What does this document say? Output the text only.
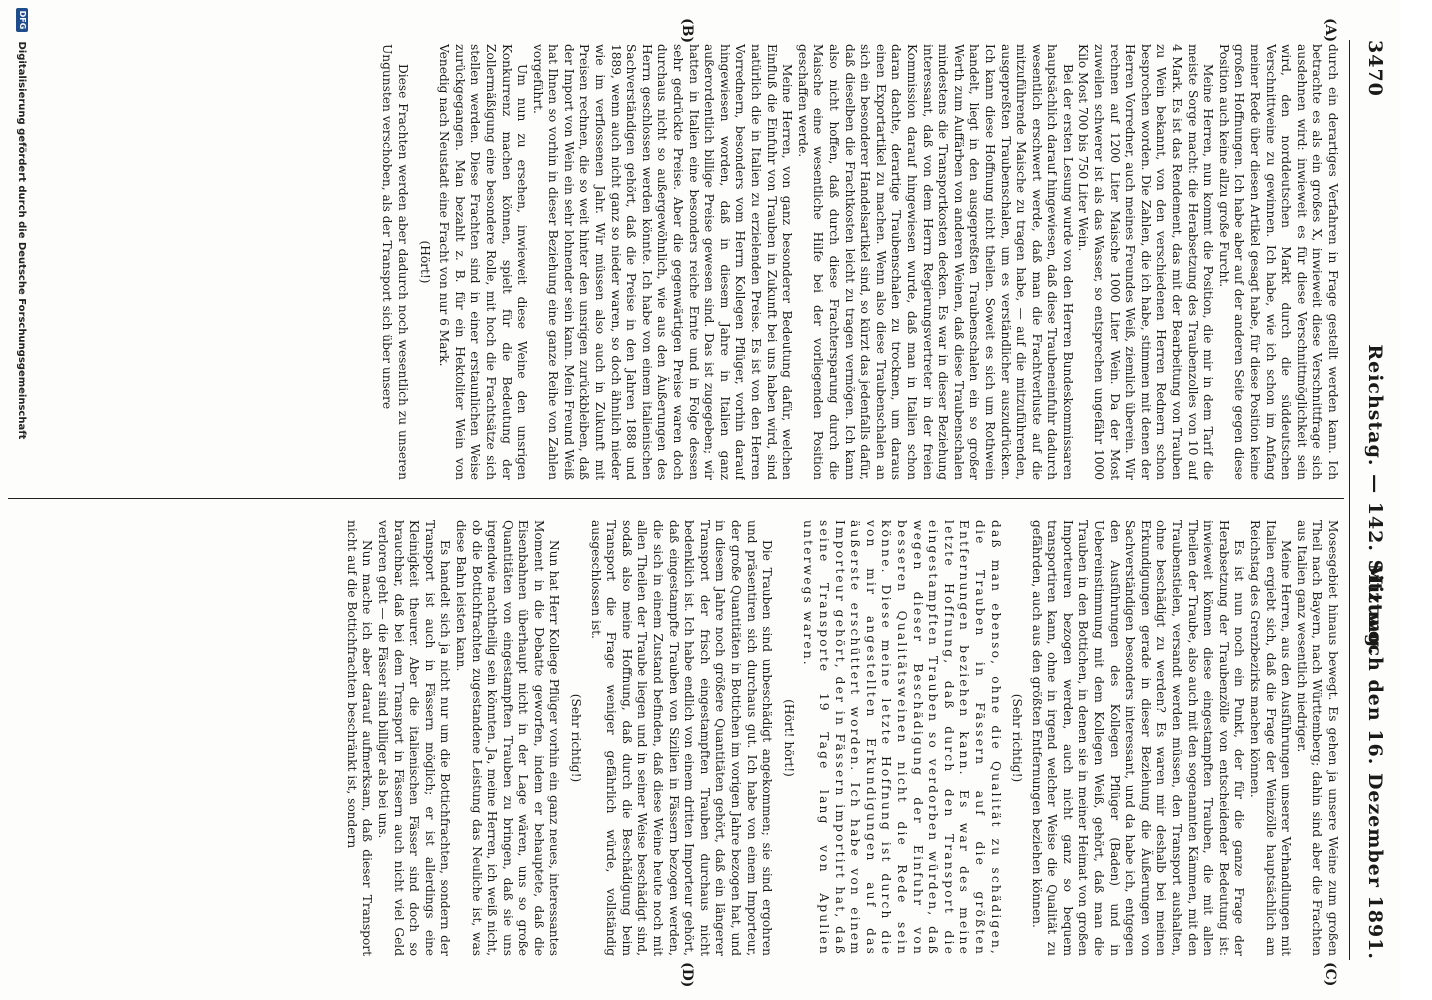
3470
Reichstag. — 142. Sitzung.
Mittwoch den 16. Dezember 1891.
(A)
(B)
(C)
(D)

durch ein derartiges Verfahren in Frage gestellt werden kann. Ich betrachte es als ein großes X, inwieweit diese Verschnittfrage sich ausdehnen wird: inwieweit es für diese Verschnittmöglichkeit sein wird, den norddeutschen Markt durch die süddeutschen Verschnittweine zu gewinnen. Ich habe, wie ich schon im Anfang meiner Rede über diesen Artikel gesagt habe, für diese Position keine großen Hoffnungen. Ich habe aber auf der anderen Seite gegen diese Position auch keine allzu große Furcht.

Meine Herren, nun kommt die Position, die mir in dem Tarif die meiste Sorge macht: die Herabsetzung des Traubenzolles von 10 auf 4 Mark. Es ist das Rendement, das mit der Bearbeitung von Trauben zu Wein bekannt, von den verschiedenen Herren Rednern schon besprochen worden. Die Zahlen, die ich habe, stimmen mit denen der Herren Vorredner, auch meines Freundes Weiß, ziemlich überein. Wir rechnen auf 1200 Liter Maische 1000 Liter Wein. Da der Most zuweilen schwerer ist als das Wasser, so entsprechen ungefähr 1000 Kilo Most 700 bis 750 Liter Wein.

Bei der ersten Lesung wurde von den Herren Bundeskommissaren hauptsächlich darauf hingewiesen, daß diese Traubeneinfuhr dadurch wesentlich erschwert werde, daß man die Frachtverluste auf die mitzuführende Maische zu tragen habe, — auf die mitzuführenden, ausgepreßten Traubenschalen, um es verständlicher auszudrücken. Ich kann diese Hoffnung nicht theilen. Soweit es sich um Rothwein handelt, liegt in den ausgepreßten Traubenschalen ein so großer Werth zum Auffärben von anderen Weinen, daß diese Traubenschalen mindestens die Transportkosten decken. Es war in dieser Beziehung interessant, daß von dem Herrn Regierungsvertreter in der freien Kommission darauf hingewiesen wurde, daß man in Italien schon daran dachte, derartige Traubenschalen zu trocknen, um daraus einen Exportartikel zu machen. Wenn also diese Traubenschalen an sich ein besonderer Handelsartikel sind, so kürzt das jedenfalls dafür, daß dieselben die Frachtkosten leicht zu tragen vermögen. Ich kann also nicht hoffen, daß durch diese Frachtersparung durch die Maische eine wesentliche Hilfe bei der vorliegenden Position geschaffen werde.

Meine Herren, von ganz besonderer Bedeutung dafür, welchen Einfluß die Einfuhr von Trauben in Zukunft bei uns haben wird, sind natürlich die in Italien zu erzielenden Preise. Es ist von den Herren Vorrednern, besonders vom Herrn Kollegen Pflüger, vorhin darauf hingewiesen worden, daß in diesem Jahre in Italien ganz außerordentlich billige Preise gewesen sind. Das ist zugegeben; wir hatten in Italien eine besonders reiche Ernte und in Folge dessen sehr gedrückte Preise. Aber die gegenwärtigen Preise waren doch durchaus nicht so außergewöhnlich, wie aus den Äußerungen des Herrn geschlossen werden könnte. Ich habe von einem italienischen Sachverständigen gehört, daß die Preise in den Jahren 1888 und 1889, wenn auch nicht ganz so nieder waren, so doch ähnlich nieder wie im verflossenen Jahr. Wir müssen also auch in Zukunft mit Preisen rechnen, die so weit hinter den unsrigen zurückbleiben, daß der Import von Wein ein sehr lohnender sein kann. Mein Freund Weiß hat Ihnen so vorhin in dieser Beziehung eine ganze Reihe von Zahlen vorgeführt.

Um nun zu ersehen, inwieweit diese Weine den unsrigen Konkurrenz machen können, spielt für die Bedeutung der Zollermäßigung eine besondere Rolle, mit hoch die Frachtsätze sich stellen werden. Diese Frachten sind in einer erstaunlichen Weise zurückgegangen. Man bezahlt z. B. für ein Hektoliter Wein von Venedig nach Neustadt eine Fracht von nur 6 Mark.

(Hört!)

Diese Frachten werden aber dadurch noch wesentlich zu unseren Ungunsten verschoben, als der Transport sich über unsere

Mosesgebiet hinaus bewegt. Es gehen ja unsere Weine zum großen Theil nach Bayern, nach Württemberg; dahin sind aber die Frachten aus Italien ganz wesentlich niedriger.

Meine Herren, aus den Ausführungen unserer Verhandlungen mit Italien ergiebt sich, daß die Frage der Weinzölle hauptsächlich am Reichstag des Grenzbezirks machen können.

Es ist nun noch ein Punkt, der für die ganze Frage der Herabsetzung der Traubenzölle von entscheidender Bedeutung ist: inwieweit können diese eingestampften Trauben, die mit allen Theilen der Traube, also auch mit den sogenannten Kämmen, mit den Traubenstielen, versandt werden müssen, den Transport aushalten, ohne beschädigt zu werden? Es waren mir deshalb bei meinen Erkundigungen gerade in dieser Beziehung die Äußerungen von Sachverständigen besonders interessant, und da habe ich, entgegen den Ausführungen des Kollegen Pflüger (Baden) und in Uebereinstimmung mit dem Kollegen Weiß, gehört, daß man die Trauben in den Bottichen, in denen sie in meiner Heimat von großen Importeuren bezogen werden, auch nicht ganz so bequem transportiren kann, ohne in irgend welcher Weise die Qualität zu gefährden, auch aus den größten Entfernungen beziehen können.

(Sehr richtig!)

daß man ebenso, ohne die Qualität zu schädigen, die Trauben in Fässern auf die größten Entfernungen beziehen kann. Es war des meine letzte Hoffnung, daß durch den Transport die eingestampften Trauben so verdorben würden, daß wegen dieser Beschädigung der Einfuhr von besseren Qualitätsweinen nicht die Rede sein könne. Diese meine letzte Hoffnung ist durch die von mir angestellten Erkundigungen auf das äußerste erschüttert worden. Ich habe von einem Importeur gehört, der in Fässern importirt hat, daß seine Transporte 19 Tage lang von Apulien unterwegs waren.

(Hört! hört!)

Die Trauben sind unbeschädigt angekommen; sie sind ergohren und präsentiren sich durchaus gut. Ich habe von einem Importeur, der große Quantitäten in Bottichen im vorigen Jahre bezogen hat, und in diesem Jahre noch größere Quantitäten gehört, daß ein längerer Transport der frisch eingestampften Trauben durchaus nicht bedenklich ist. Ich habe endlich von einem dritten Importeur gehört, daß eingestampfte Trauben von Sizilien in Fässern bezogen werden, die sich in einem Zustand befinden, daß diese Weine heute noch mit allen Theilen der Traube liegen und in seiner Weise beschädigt sind, sodaß also meine Hoffnung, daß durch die Beschädigung beim Transport die Frage weniger gefährlich würde, vollständig ausgeschlossen ist.

(Sehr richtig!)

Nun hat Herr Kollege Pflüger vorhin ein ganz neues, interessantes Moment in die Debatte geworfen, indem er behauptete, daß die Eisenbahnen überhaupt nicht in der Lage wären, uns so große Quantitäten von eingestampften Trauben zu bringen, daß sie uns irgendwie nachtheilig sein könnten. Ja, meine Herren, ich weiß nicht, ob die Bottichfrachten zugestandene Leistung das Neuliche ist, was diese Bahn leisten kann.

Es handelt sich ja nicht nur um die Bottichfrachten, sondern der Transport ist auch in Fässern möglich; er ist allerdings eine Kleinigkeit theurer. Aber die italienischen Fässer sind doch so brauchbar, daß bei dem Transport in Fässern auch nicht viel Geld verloren geht — die Fässer sind billiger als bei uns.

Nun mache ich aber darauf aufmerksam, daß dieser Transport nicht auf die Bottichfrachten beschränkt ist, sondern

DFG Digitalisierung gefördert durch die Deutsche Forschungsgemeinschaft
